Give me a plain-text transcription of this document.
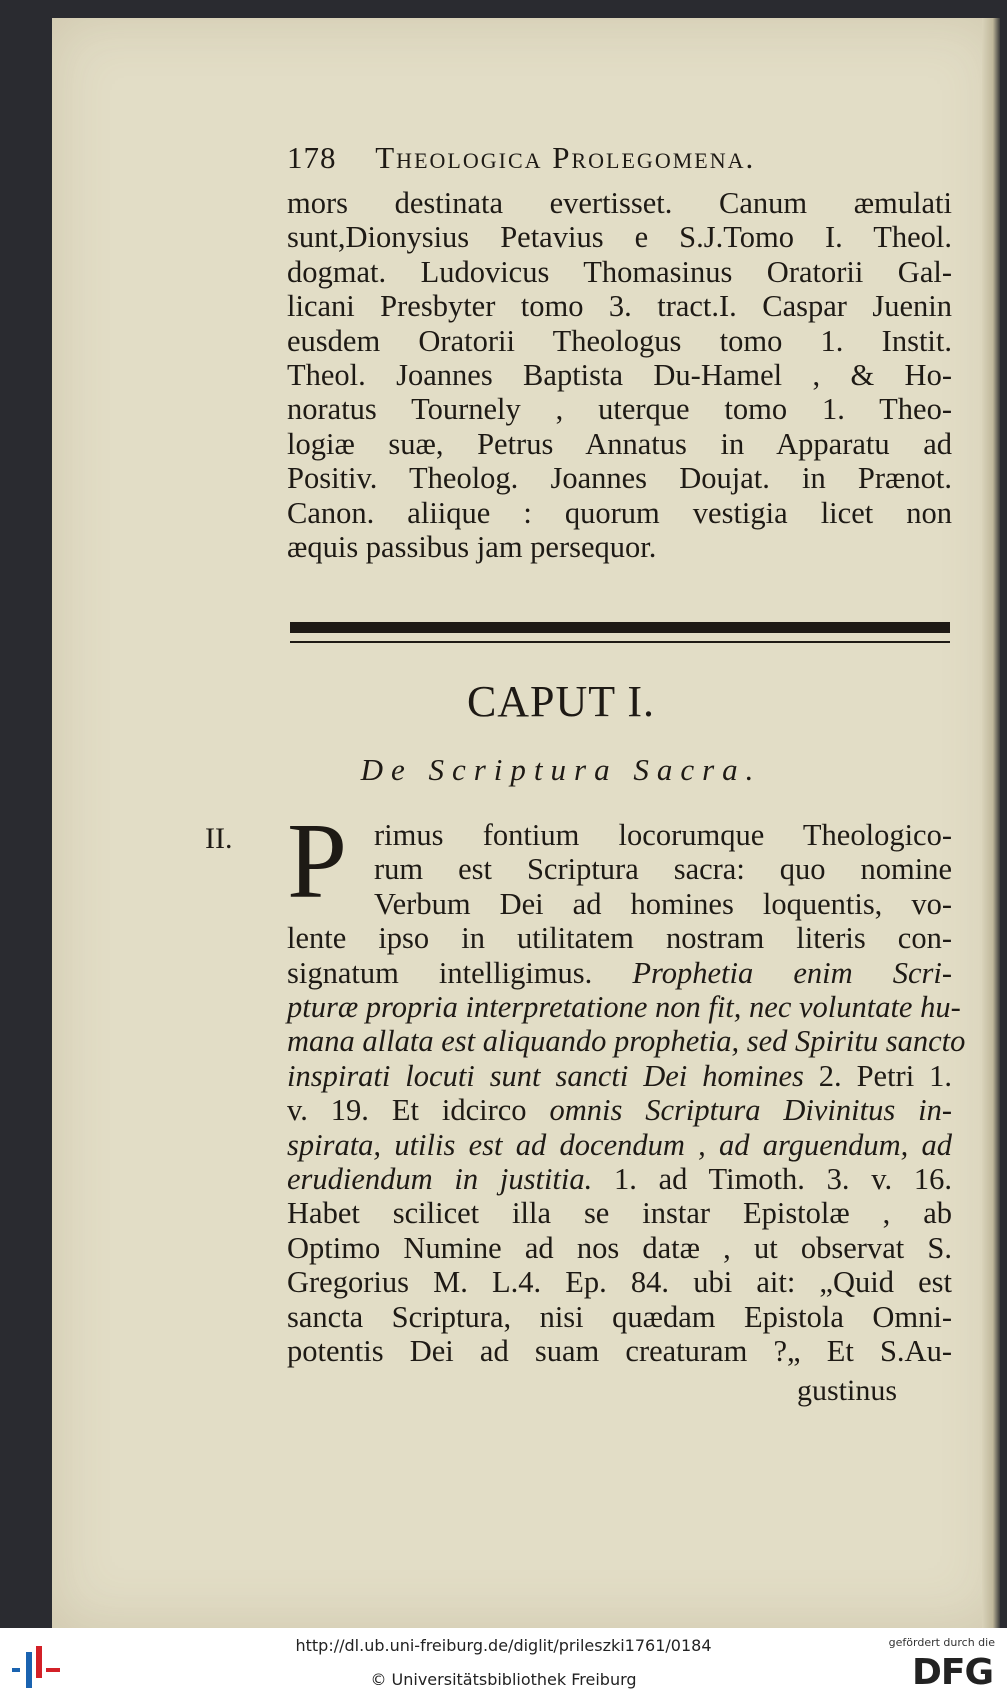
178 Theologica Prolegomena.
mors destinata evertisset. Canum æmulati
sunt,Dionysius Petavius e S.J.Tomo I. Theol.
dogmat. Ludovicus Thomasinus Oratorii Gal-
licani Presbyter tomo 3. tract.I. Caspar Juenin
eusdem Oratorii Theologus tomo 1. Instit.
Theol. Joannes Baptista Du-Hamel , & Ho-
noratus Tournely , uterque tomo 1. Theo-
logiæ suæ, Petrus Annatus in Apparatu ad
Positiv. Theolog. Joannes Doujat. in Prænot.
Canon. aliique : quorum vestigia licet non
æquis passibus jam persequor.
CAPUT I.
De Scriptura Sacra.
II. P rimus fontium locorumque Theologico-
rum est Scriptura sacra: quo nomine
Verbum Dei ad homines loquentis, vo-
lente ipso in utilitatem nostram literis con-
signatum intelligimus. Prophetia enim Scri-
pturæ propria interpretatione non fit, nec voluntate hu-
mana allata est aliquando prophetia, sed Spiritu sancto
inspirati locuti sunt sancti Dei homines 2. Petri 1.
v. 19. Et idcirco omnis Scriptura Divinitus in-
spirata, utilis est ad docendum , ad arguendum, ad
erudiendum in justitia. 1. ad Timoth. 3. v. 16.
Habet scilicet illa se instar Epistolæ , ab
Optimo Numine ad nos datæ , ut observat S.
Gregorius M. L.4. Ep. 84. ubi ait: „Quid est
sancta Scriptura, nisi quædam Epistola Omni-
potentis Dei ad suam creaturam ?„ Et S.Au-
gustinus
http://dl.ub.uni-freiburg.de/diglit/prileszki1761/0184
© Universitätsbibliothek Freiburg
gefördert durch die
DFG
